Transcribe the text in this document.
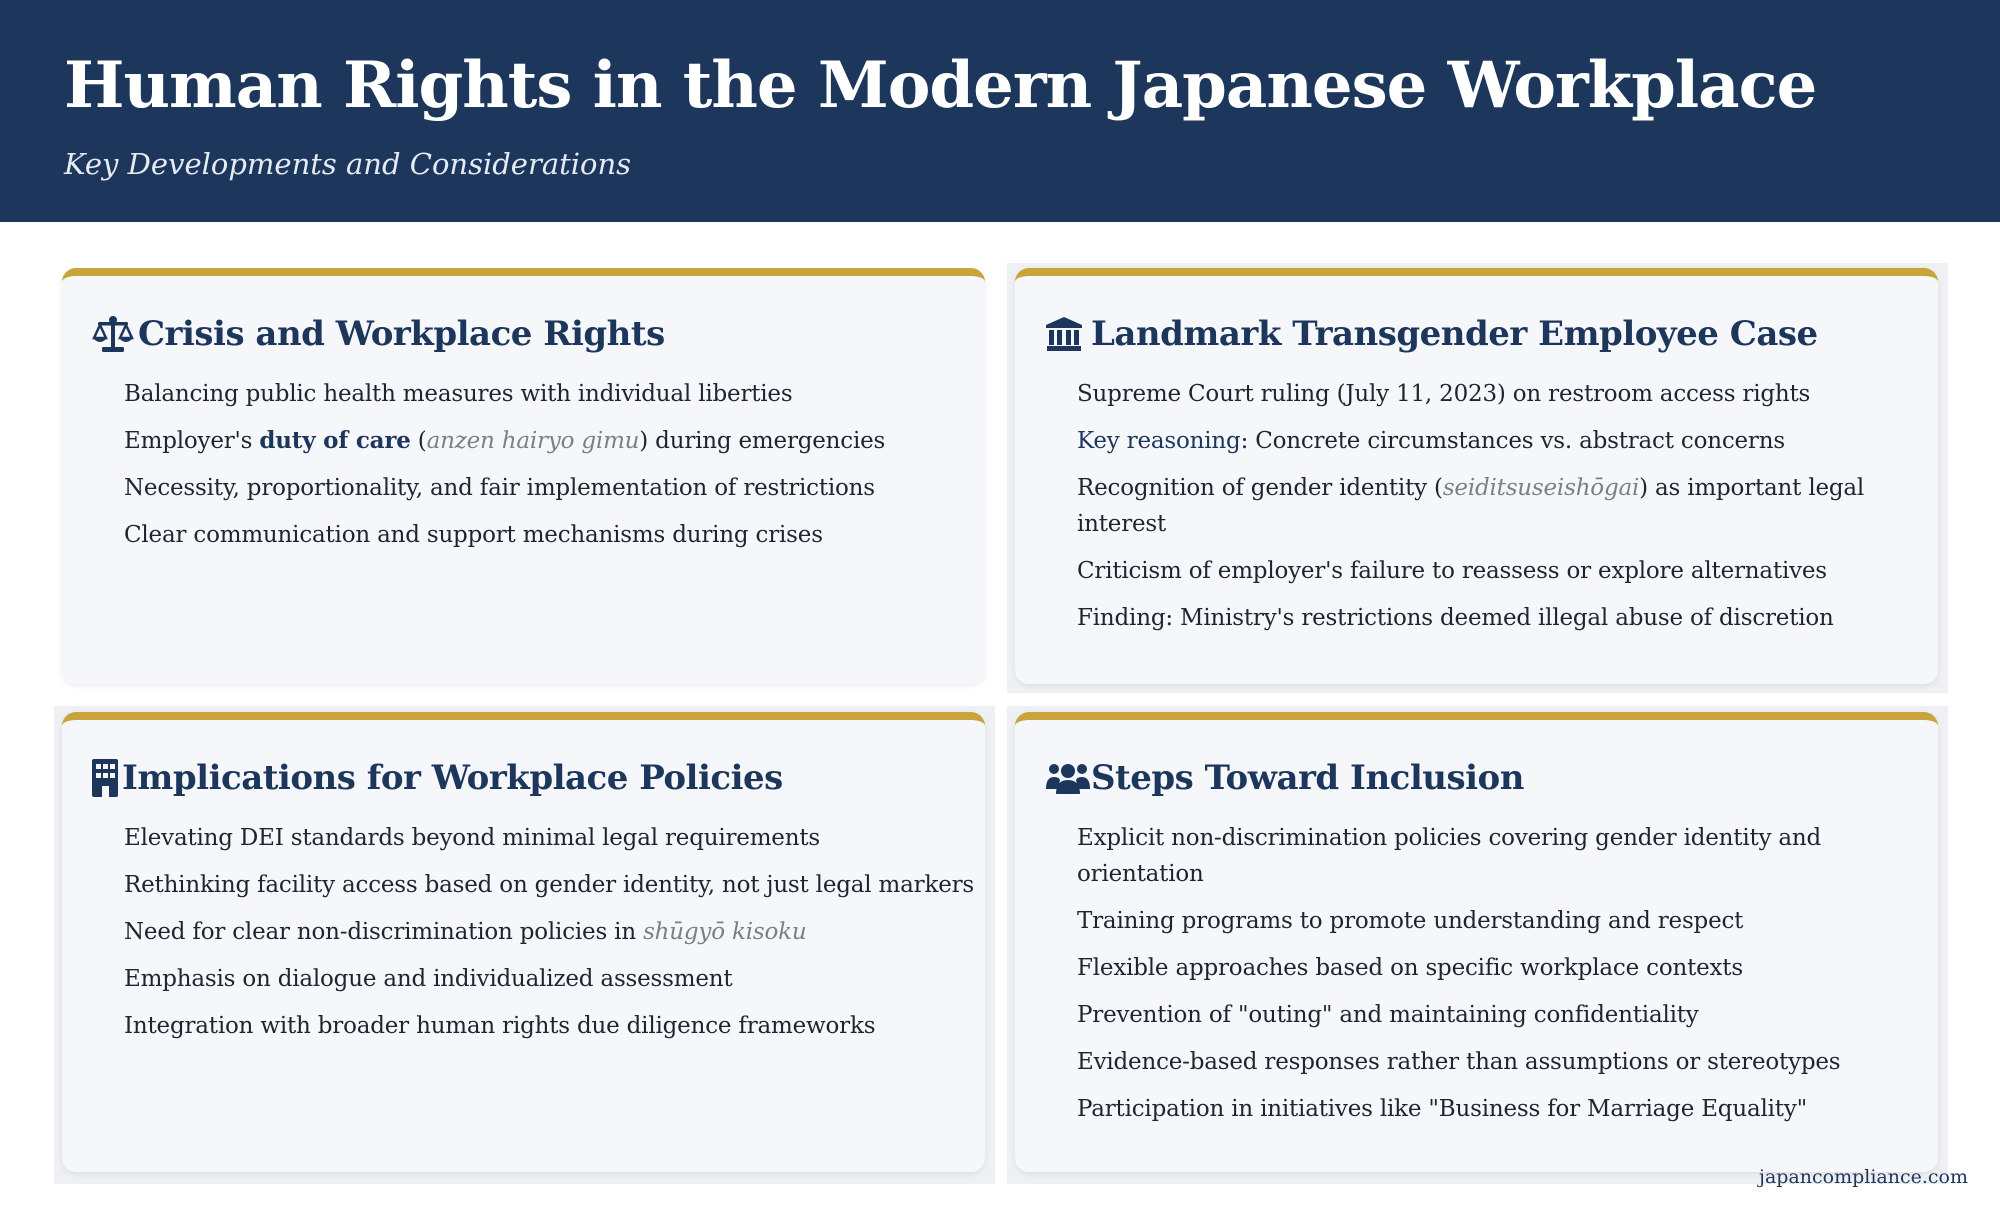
Human Rights in the Modern Japanese Workplace
Key Developments and Considerations
Crisis and Workplace Rights
Balancing public health measures with individual liberties
Employer's duty of care (anzen hairyo gimu) during emergencies
Necessity, proportionality, and fair implementation of restrictions
Clear communication and support mechanisms during crises
Landmark Transgender Employee Case
Supreme Court ruling (July 11, 2023) on restroom access rights
Key reasoning: Concrete circumstances vs. abstract concerns
Recognition of gender identity (seiditsuseishōgai) as important legal interest
Criticism of employer's failure to reassess or explore alternatives
Finding: Ministry's restrictions deemed illegal abuse of discretion
Implications for Workplace Policies
Elevating DEI standards beyond minimal legal requirements
Rethinking facility access based on gender identity, not just legal markers
Need for clear non-discrimination policies in shūgyō kisoku
Emphasis on dialogue and individualized assessment
Integration with broader human rights due diligence frameworks
Steps Toward Inclusion
Explicit non-discrimination policies covering gender identity and orientation
Training programs to promote understanding and respect
Flexible approaches based on specific workplace contexts
Prevention of "outing" and maintaining confidentiality
Evidence-based responses rather than assumptions or stereotypes
Participation in initiatives like "Business for Marriage Equality"
japancompliance.com
